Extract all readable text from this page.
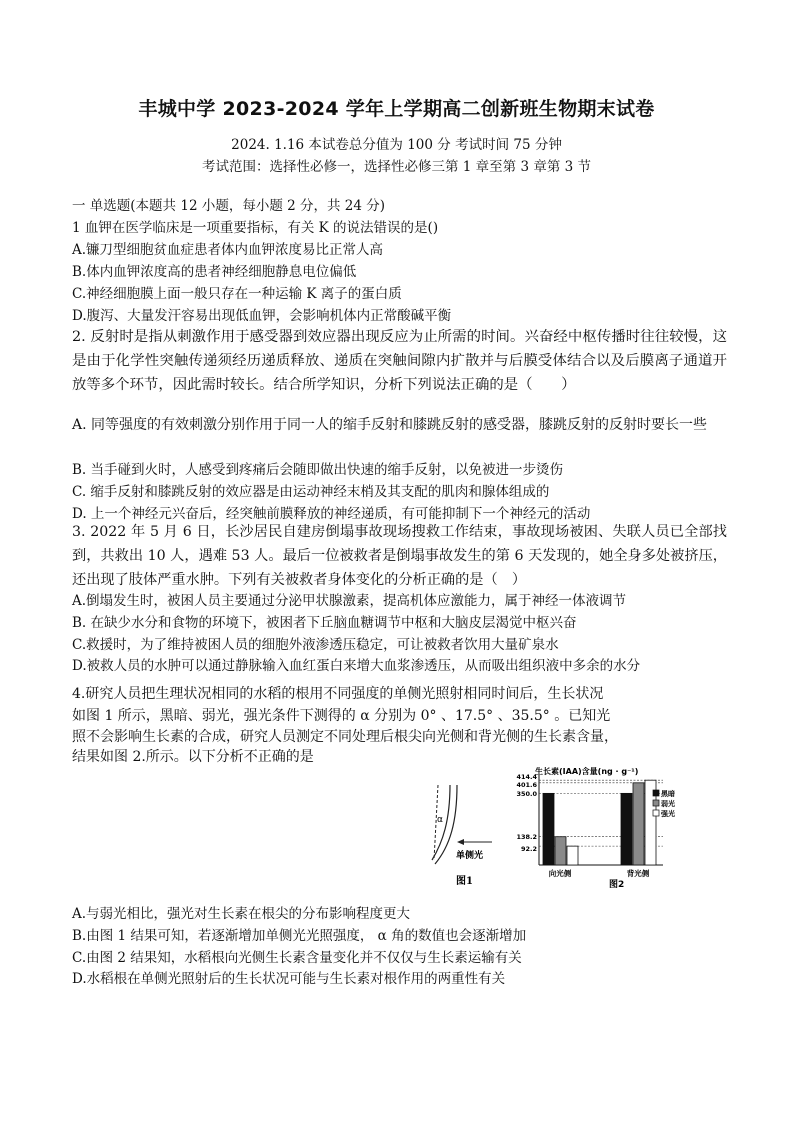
丰城中学 2023-2024 学年上学期高二创新班生物期末试卷
2024. 1.16 本试卷总分值为 100 分 考试时间 75 分钟
考试范围：选择性必修一，选择性必修三第 1 章至第 3 章第 3 节
一 单选题(本题共 12 小题，每小题 2 分，共 24 分)
1 血钾在医学临床是一项重要指标，有关 K 的说法错误的是()
A.镰刀型细胞贫血症患者体内血钾浓度易比正常人高
B.体内血钾浓度高的患者神经细胞静息电位偏低
C.神经细胞膜上面一般只存在一种运输 K 离子的蛋白质
D.腹泻、大量发汗容易出现低血钾，会影响机体内正常酸碱平衡
2. 反射时是指从刺激作用于感受器到效应器出现反应为止所需的时间。兴奋经中枢传播时往往较慢，这是由于化学性突触传递须经历递质释放、递质在突触间隙内扩散并与后膜受体结合以及后膜离子通道开放等多个环节，因此需时较长。结合所学知识，分析下列说法正确的是（　　）
A. 同等强度的有效刺激分别作用于同一人的缩手反射和膝跳反射的感受器，膝跳反射的反射时要长一些
B. 当手碰到火时，人感受到疼痛后会随即做出快速的缩手反射，以免被进一步烫伤
C. 缩手反射和膝跳反射的效应器是由运动神经末梢及其支配的肌肉和腺体组成的
D. 上一个神经元兴奋后，经突触前膜释放的神经递质，有可能抑制下一个神经元的活动
3. 2022 年 5 月 6 日，长沙居民自建房倒塌事故现场搜救工作结束，事故现场被困、失联人员已全部找到，共救出 10 人，遇难 53 人。最后一位被救者是倒塌事故发生的第 6 天发现的，她全身多处被挤压，还出现了肢体严重水肿。下列有关被救者身体变化的分析正确的是（　）
A.倒塌发生时，被困人员主要通过分泌甲状腺激素，提高机体应激能力，属于神经一体液调节
B. 在缺少水分和食物的环境下，被困者下丘脑血糖调节中枢和大脑皮层渴觉中枢兴奋
C.救援时，为了维持被困人员的细胞外液渗透压稳定，可让被救者饮用大量矿泉水
D.被救人员的水肿可以通过静脉输入血红蛋白来增大血浆渗透压，从而吸出组织液中多余的水分
4.研究人员把生理状况相同的水稻的根用不同强度的单侧光照射相同时间后，生长状况
如图 1 所示，黑暗、弱光，强光条件下测得的 α 分别为 0° 、17.5° 、35.5° 。已知光
照不会影响生长素的合成，研究人员测定不同处理后根尖向光侧和背光侧的生长素含量，
结果如图 2.所示。以下分析不正确的是
α
单侧光
图1
生长素(IAA)含量(ng · g⁻¹)
414.4
401.6
350.0
138.2
92.2
向光侧	背光侧
黑暗
弱光
强光
图2
A.与弱光相比，强光对生长素在根尖的分布影响程度更大
B.由图 1 结果可知，若逐渐增加单侧光光照强度， α 角的数值也会逐渐增加
C.由图 2 结果知，水稻根向光侧生长素含量变化并不仅仅与生长素运输有关
D.水稻根在单侧光照射后的生长状况可能与生长素对根作用的两重性有关
